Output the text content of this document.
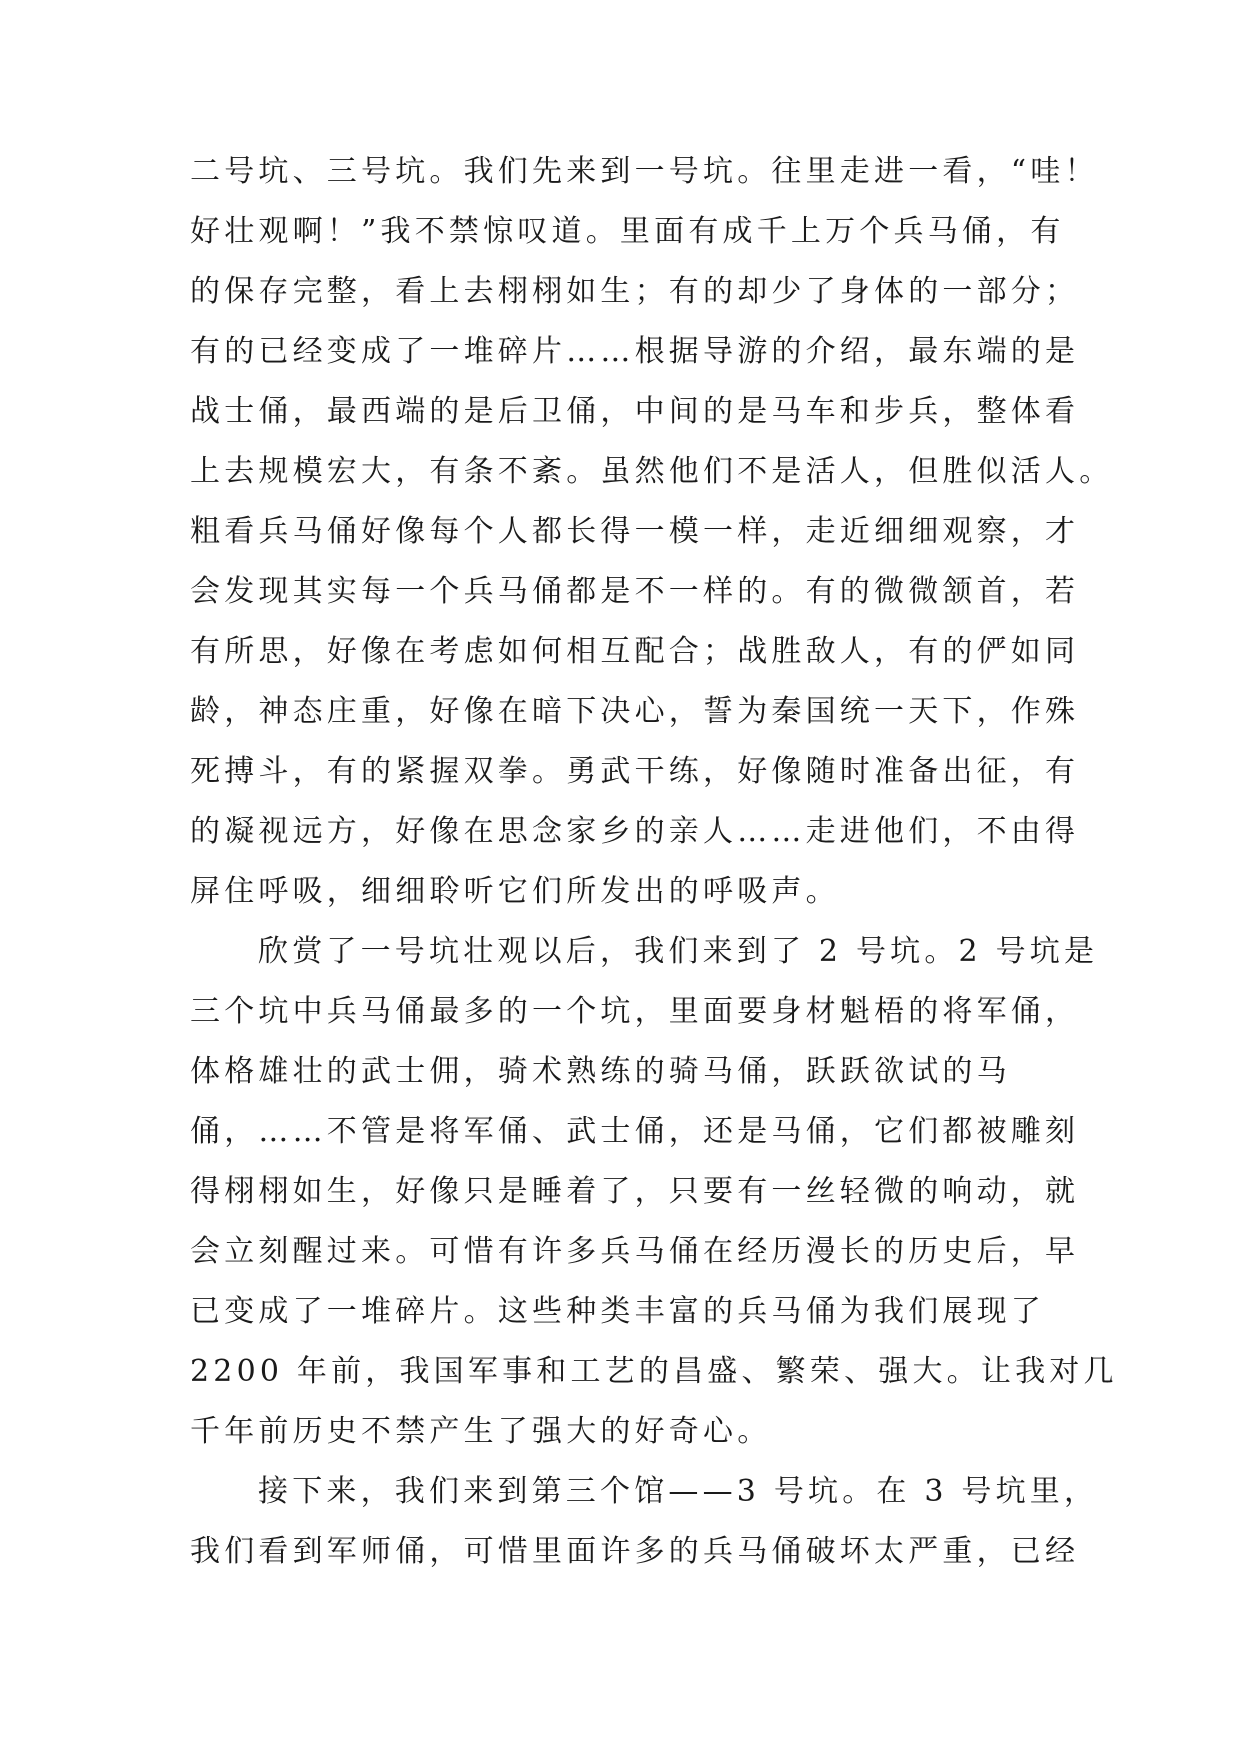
二号坑、三号坑。我们先来到一号坑。往里走进一看，“哇！
好壮观啊！”我不禁惊叹道。里面有成千上万个兵马俑，有
的保存完整，看上去栩栩如生；有的却少了身体的一部分；
有的已经变成了一堆碎片……根据导游的介绍，最东端的是
战士俑，最西端的是后卫俑，中间的是马车和步兵，整体看
上去规模宏大，有条不紊。虽然他们不是活人，但胜似活人。
粗看兵马俑好像每个人都长得一模一样，走近细细观察，才
会发现其实每一个兵马俑都是不一样的。有的微微颔首，若
有所思，好像在考虑如何相互配合；战胜敌人，有的俨如同
龄，神态庄重，好像在暗下决心，誓为秦国统一天下，作殊
死搏斗，有的紧握双拳。勇武干练，好像随时准备出征，有
的凝视远方，好像在思念家乡的亲人……走进他们，不由得
屏住呼吸，细细聆听它们所发出的呼吸声。
欣赏了一号坑壮观以后，我们来到了 2 号坑。2 号坑是
三个坑中兵马俑最多的一个坑，里面要身材魁梧的将军俑，
体格雄壮的武士佣，骑术熟练的骑马俑，跃跃欲试的马
俑，……不管是将军俑、武士俑，还是马俑，它们都被雕刻
得栩栩如生，好像只是睡着了，只要有一丝轻微的响动，就
会立刻醒过来。可惜有许多兵马俑在经历漫长的历史后，早
已变成了一堆碎片。这些种类丰富的兵马俑为我们展现了
2200 年前，我国军事和工艺的昌盛、繁荣、强大。让我对几
千年前历史不禁产生了强大的好奇心。
接下来，我们来到第三个馆——3 号坑。在 3 号坑里，
我们看到军师俑，可惜里面许多的兵马俑破坏太严重，已经
